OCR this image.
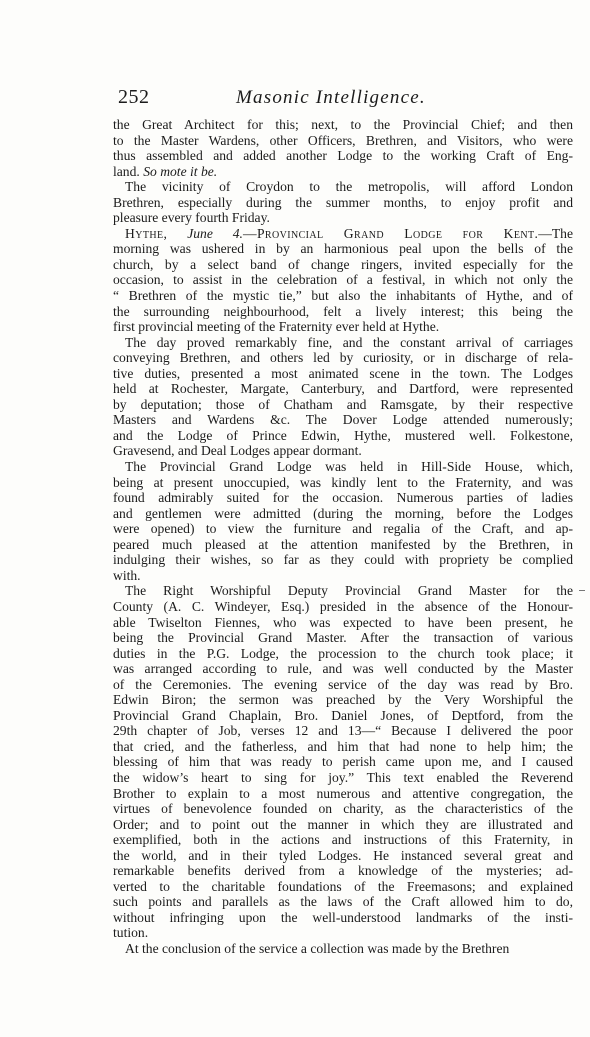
252	Masonic Intelligence.
the Great Architect for this; next, to the Provincial Chief; and then
to the Master Wardens, other Officers, Brethren, and Visitors, who were
thus assembled and added another Lodge to the working Craft of Eng-
land. So mote it be.
The vicinity of Croydon to the metropolis, will afford London
Brethren, especially during the summer months, to enjoy profit and
pleasure every fourth Friday.
Hythe, June 4.—Provincial Grand Lodge for Kent.—The
morning was ushered in by an harmonious peal upon the bells of the
church, by a select band of change ringers, invited especially for the
occasion, to assist in the celebration of a festival, in which not only the
“ Brethren of the mystic tie,” but also the inhabitants of Hythe, and of
the surrounding neighbourhood, felt a lively interest; this being the
first provincial meeting of the Fraternity ever held at Hythe.
The day proved remarkably fine, and the constant arrival of carriages
conveying Brethren, and others led by curiosity, or in discharge of rela-
tive duties, presented a most animated scene in the town. The Lodges
held at Rochester, Margate, Canterbury, and Dartford, were represented
by deputation; those of Chatham and Ramsgate, by their respective
Masters and Wardens &c. The Dover Lodge attended numerously;
and the Lodge of Prince Edwin, Hythe, mustered well. Folkestone,
Gravesend, and Deal Lodges appear dormant.
The Provincial Grand Lodge was held in Hill-Side House, which,
being at present unoccupied, was kindly lent to the Fraternity, and was
found admirably suited for the occasion. Numerous parties of ladies
and gentlemen were admitted (during the morning, before the Lodges
were opened) to view the furniture and regalia of the Craft, and ap-
peared much pleased at the attention manifested by the Brethren, in
indulging their wishes, so far as they could with propriety be complied
with.
The Right Worshipful Deputy Provincial Grand Master for the
County (A. C. Windeyer, Esq.) presided in the absence of the Honour-
able Twiselton Fiennes, who was expected to have been present, he
being the Provincial Grand Master. After the transaction of various
duties in the P.G. Lodge, the procession to the church took place; it
was arranged according to rule, and was well conducted by the Master
of the Ceremonies. The evening service of the day was read by Bro.
Edwin Biron; the sermon was preached by the Very Worshipful the
Provincial Grand Chaplain, Bro. Daniel Jones, of Deptford, from the
29th chapter of Job, verses 12 and 13—“ Because I delivered the poor
that cried, and the fatherless, and him that had none to help him; the
blessing of him that was ready to perish came upon me, and I caused
the widow’s heart to sing for joy.” This text enabled the Reverend
Brother to explain to a most numerous and attentive congregation, the
virtues of benevolence founded on charity, as the characteristics of the
Order; and to point out the manner in which they are illustrated and
exemplified, both in the actions and instructions of this Fraternity, in
the world, and in their tyled Lodges. He instanced several great and
remarkable benefits derived from a knowledge of the mysteries; ad-
verted to the charitable foundations of the Freemasons; and explained
such points and parallels as the laws of the Craft allowed him to do,
without infringing upon the well-understood landmarks of the insti-
tution.
At the conclusion of the service a collection was made by the Brethren
